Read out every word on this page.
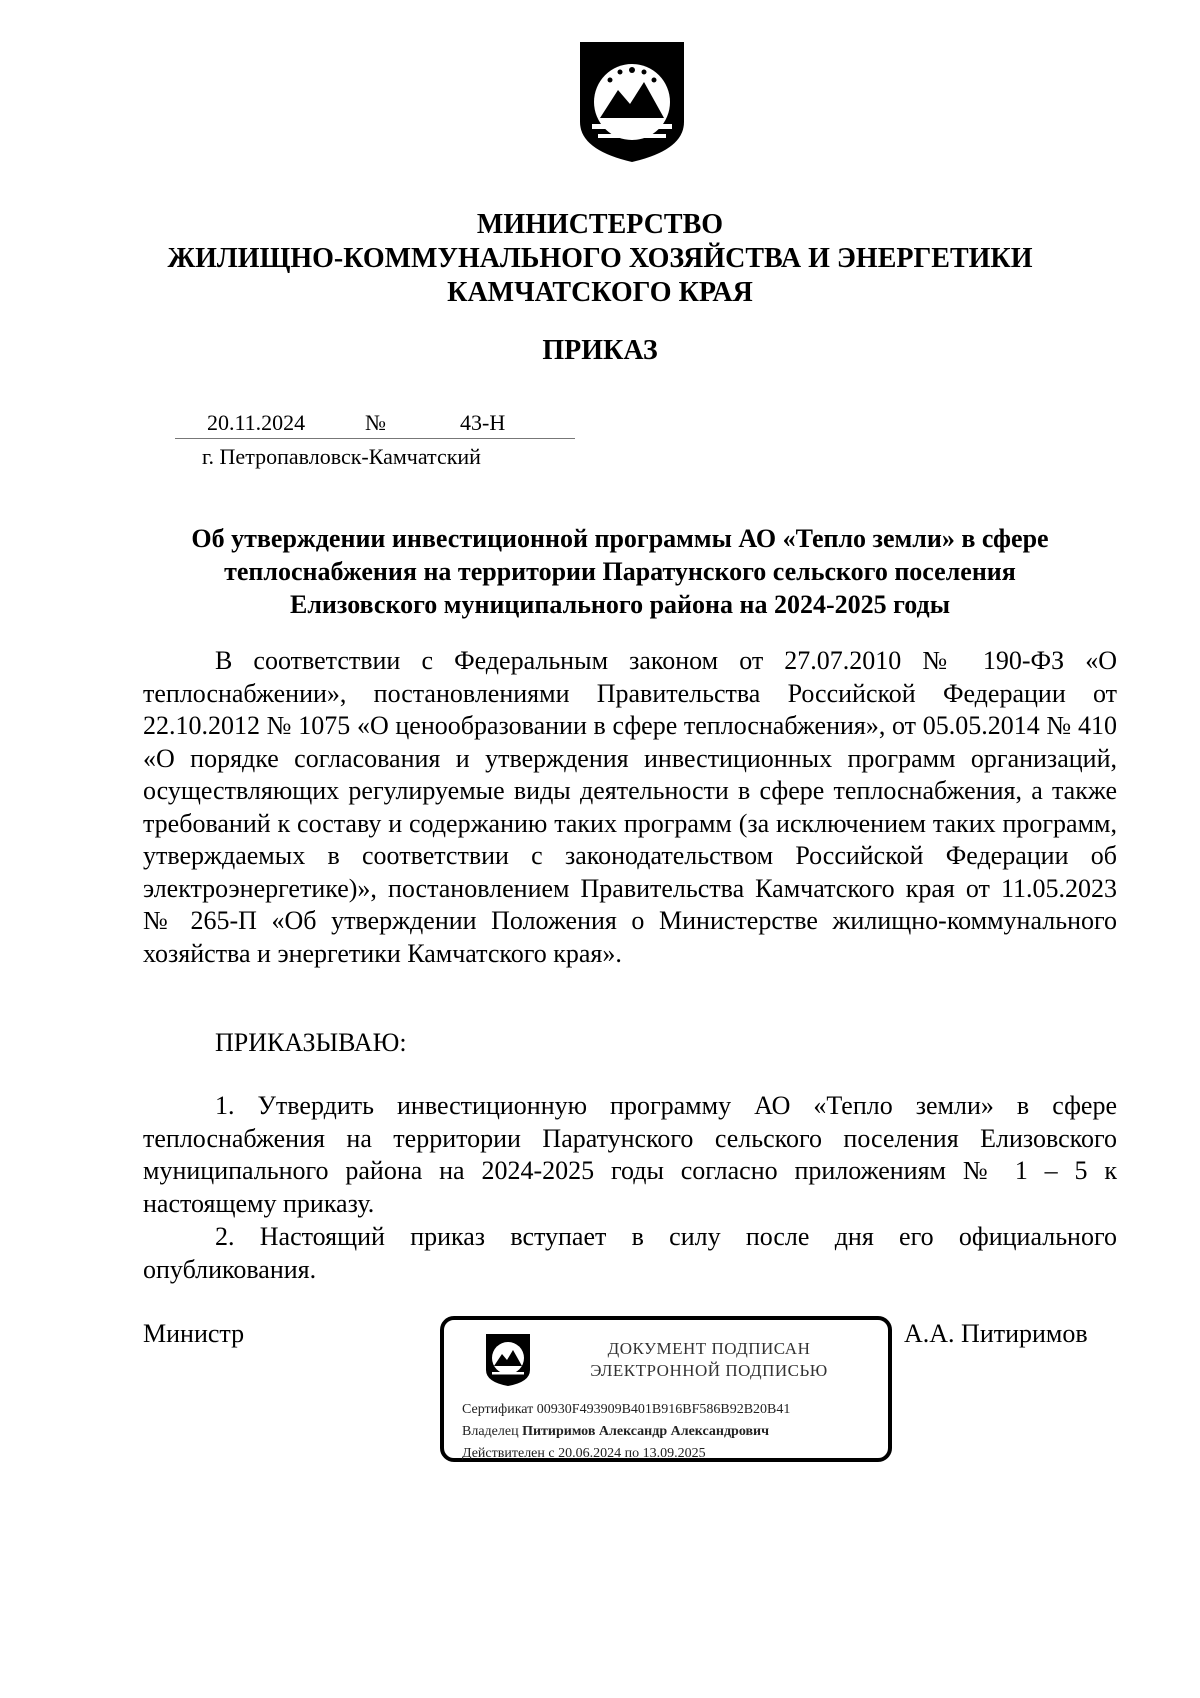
МИНИСТЕРСТВО
ЖИЛИЩНО-КОММУНАЛЬНОГО ХОЗЯЙСТВА И ЭНЕРГЕТИКИ
КАМЧАТСКОГО КРАЯ
ПРИКАЗ
20.11.2024	№	43-Н
г. Петропавловск-Камчатский
Об утверждении инвестиционной программы АО «Тепло земли» в сфере
теплоснабжения на территории Паратунского сельского поселения
Елизовского муниципального района на 2024-2025 годы
В соответствии с Федеральным законом от 27.07.2010 № 190-ФЗ «О теплоснабжении», постановлениями Правительства Российской Федерации от 22.10.2012 № 1075 «О ценообразовании в сфере теплоснабжения», от 05.05.2014 № 410 «О порядке согласования и утверждения инвестиционных программ организаций, осуществляющих регулируемые виды деятельности в сфере теплоснабжения, а также требований к составу и содержанию таких программ (за исключением таких программ, утверждаемых в соответствии с законодательством Российской Федерации об электроэнергетике)», постановлением Правительства Камчатского края от 11.05.2023 № 265-П «Об утверждении Положения о Министерстве жилищно-коммунального хозяйства и энергетики Камчатского края».
ПРИКАЗЫВАЮ:
1. Утвердить инвестиционную программу АО «Тепло земли» в сфере теплоснабжения на территории Паратунского сельского поселения Елизовского муниципального района на 2024-2025 годы согласно приложениям № 1 – 5 к настоящему приказу.
2. Настоящий приказ вступает в силу после дня его официального опубликования.
Министр	А.А. Питиримов
ДОКУМЕНТ ПОДПИСАН
ЭЛЕКТРОННОЙ ПОДПИСЬЮ
Сертификат 00930F493909B401B916BF586B92B20B41
Владелец Питиримов Александр Александрович
Действителен с 20.06.2024 по 13.09.2025
